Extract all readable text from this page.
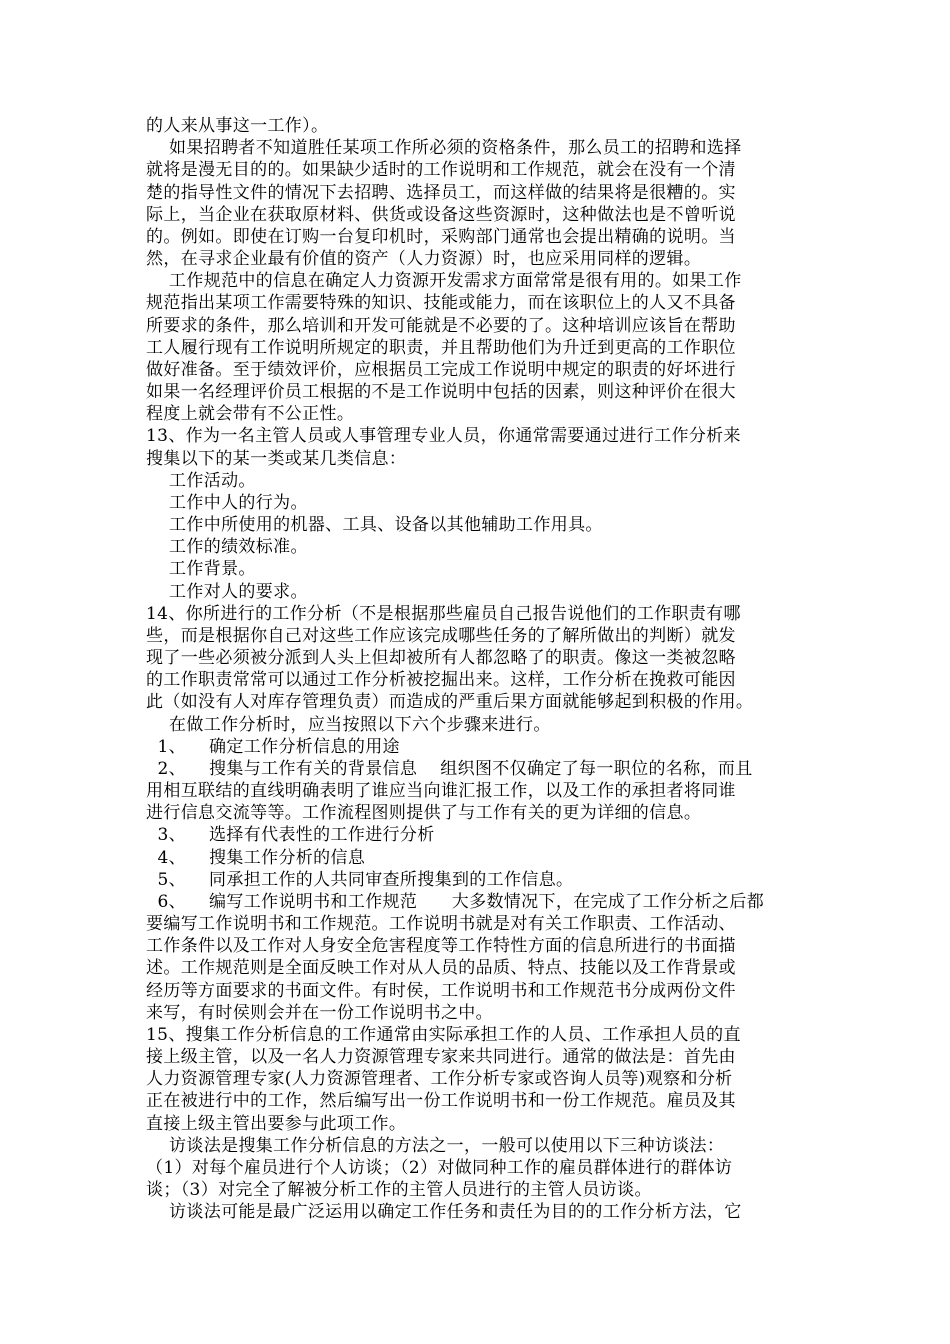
的人来从事这一工作）。
如果招聘者不知道胜任某项工作所必须的资格条件，那么员工的招聘和选择
就将是漫无目的的。如果缺少适时的工作说明和工作规范，就会在没有一个清
楚的指导性文件的情况下去招聘、选择员工，而这样做的结果将是很糟的。实
际上，当企业在获取原材料、供货或设备这些资源时，这种做法也是不曾听说
的。例如。即使在订购一台复印机时，采购部门通常也会提出精确的说明。当
然，在寻求企业最有价值的资产（人力资源）时，也应采用同样的逻辑。
工作规范中的信息在确定人力资源开发需求方面常常是很有用的。如果工作
规范指出某项工作需要特殊的知识、技能或能力，而在该职位上的人又不具备
所要求的条件，那么培训和开发可能就是不必要的了。这种培训应该旨在帮助
工人履行现有工作说明所规定的职责，并且帮助他们为升迁到更高的工作职位
做好准备。至于绩效评价，应根据员工完成工作说明中规定的职责的好坏进行
如果一名经理评价员工根据的不是工作说明中包括的因素，则这种评价在很大
程度上就会带有不公正性。
13、作为一名主管人员或人事管理专业人员，你通常需要通过进行工作分析来
搜集以下的某一类或某几类信息：
工作活动。
工作中人的行为。
工作中所使用的机器、工具、设备以其他辅助工作用具。
工作的绩效标准。
工作背景。
工作对人的要求。
14、你所进行的工作分析（不是根据那些雇员自己报告说他们的工作职责有哪
些，而是根据你自己对这些工作应该完成哪些任务的了解所做出的判断）就发
现了一些必须被分派到人头上但却被所有人都忽略了的职责。像这一类被忽略
的工作职责常常可以通过工作分析被挖掘出来。这样，工作分析在挽救可能因
此（如没有人对库存管理负责）而造成的严重后果方面就能够起到积极的作用。
在做工作分析时，应当按照以下六个步骤来进行。
1、    确定工作分析信息的用途
2、    搜集与工作有关的背景信息    组织图不仅确定了每一职位的名称，而且
用相互联结的直线明确表明了谁应当向谁汇报工作，以及工作的承担者将同谁
进行信息交流等等。工作流程图则提供了与工作有关的更为详细的信息。
3、    选择有代表性的工作进行分析
4、    搜集工作分析的信息
5、    同承担工作的人共同审查所搜集到的工作信息。
6、    编写工作说明书和工作规范      大多数情况下，在完成了工作分析之后都
要编写工作说明书和工作规范。工作说明书就是对有关工作职责、工作活动、
工作条件以及工作对人身安全危害程度等工作特性方面的信息所进行的书面描
述。工作规范则是全面反映工作对从人员的品质、特点、技能以及工作背景或
经历等方面要求的书面文件。有时侯，工作说明书和工作规范书分成两份文件
来写，有时侯则会并在一份工作说明书之中。
15、搜集工作分析信息的工作通常由实际承担工作的人员、工作承担人员的直
接上级主管，以及一名人力资源管理专家来共同进行。通常的做法是：首先由
人力资源管理专家(人力资源管理者、工作分析专家或咨询人员等)观察和分析
正在被进行中的工作，然后编写出一份工作说明书和一份工作规范。雇员及其
直接上级主管出要参与此项工作。
访谈法是搜集工作分析信息的方法之一，一般可以使用以下三种访谈法：
（1）对每个雇员进行个人访谈；（2）对做同种工作的雇员群体进行的群体访
谈；（3）对完全了解被分析工作的主管人员进行的主管人员访谈。
访谈法可能是最广泛运用以确定工作任务和责任为目的的工作分析方法，它
